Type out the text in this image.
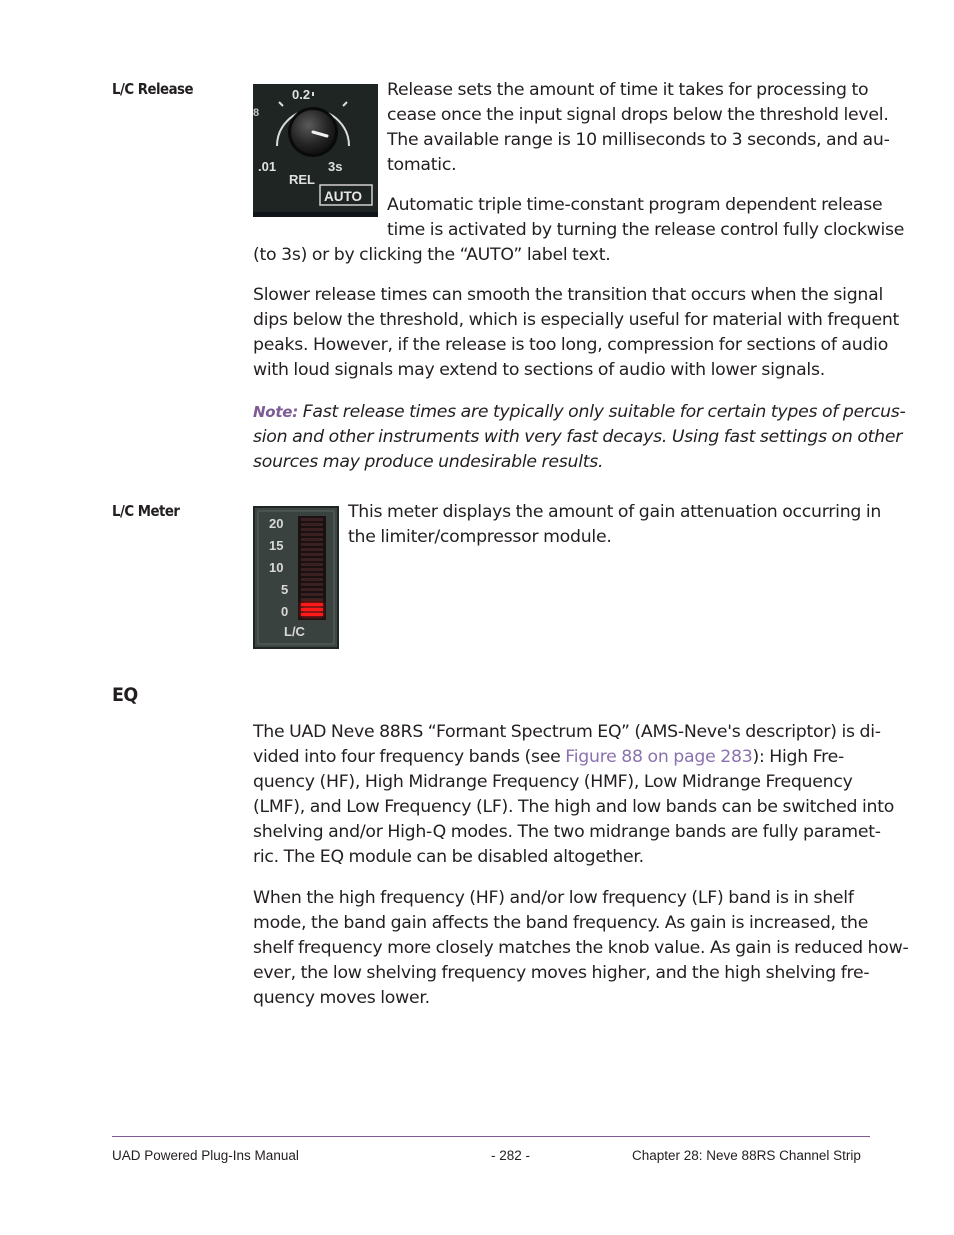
L/C Release
8
0.2
.01	3s
REL
AUTO
Release sets the amount of time it takes for processing to
cease once the input signal drops below the threshold level.
The available range is 10 milliseconds to 3 seconds, and au-
tomatic.
Automatic triple time-constant program dependent release
time is activated by turning the release control fully clockwise
(to 3s) or by clicking the “AUTO” label text.
Slower release times can smooth the transition that occurs when the signal
dips below the threshold, which is especially useful for material with frequent
peaks. However, if the release is too long, compression for sections of audio
with loud signals may extend to sections of audio with lower signals.
Note: Fast release times are typically only suitable for certain types of percus-
sion and other instruments with very fast decays. Using fast settings on other
sources may produce undesirable results.
L/C Meter
20
15
10
5
0
L/C
This meter displays the amount of gain attenuation occurring in
the limiter/compressor module.
EQ
The UAD Neve 88RS “Formant Spectrum EQ” (AMS-Neve's descriptor) is di-
vided into four frequency bands (see Figure 88 on page 283): High Fre-
quency (HF), High Midrange Frequency (HMF), Low Midrange Frequency
(LMF), and Low Frequency (LF). The high and low bands can be switched into
shelving and/or High-Q modes. The two midrange bands are fully paramet-
ric. The EQ module can be disabled altogether.
When the high frequency (HF) and/or low frequency (LF) band is in shelf
mode, the band gain affects the band frequency. As gain is increased, the
shelf frequency more closely matches the knob value. As gain is reduced how-
ever, the low shelving frequency moves higher, and the high shelving fre-
quency moves lower.
UAD Powered Plug-Ins Manual	- 282 -	Chapter 28: Neve 88RS Channel Strip
